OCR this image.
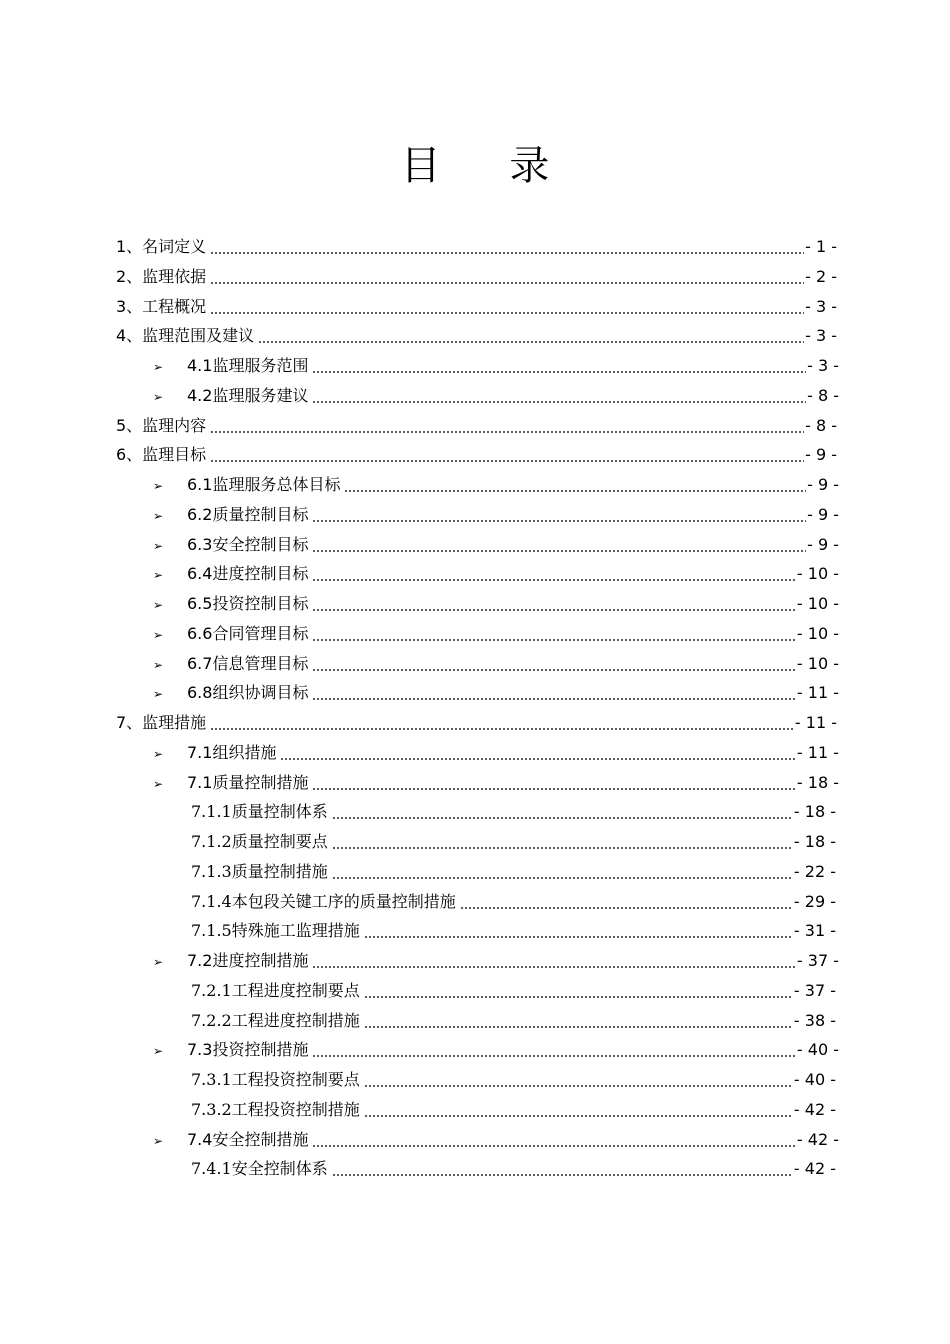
目 录
1、名词定义	- 1 -
2、监理依据	- 2 -
3、工程概况	- 3 -
4、监理范围及建议	- 3 -
➢ 4.1监理服务范围	- 3 -
➢ 4.2监理服务建议	- 8 -
5、监理内容	- 8 -
6、监理目标	- 9 -
➢ 6.1监理服务总体目标	- 9 -
➢ 6.2质量控制目标	- 9 -
➢ 6.3安全控制目标	- 9 -
➢ 6.4进度控制目标	- 10 -
➢ 6.5投资控制目标	- 10 -
➢ 6.6合同管理目标	- 10 -
➢ 6.7信息管理目标	- 10 -
➢ 6.8组织协调目标	- 11 -
7、监理措施	- 11 -
➢ 7.1组织措施	- 11 -
➢ 7.1质量控制措施	- 18 -
7.1.1质量控制体系	- 18 -
7.1.2质量控制要点	- 18 -
7.1.3质量控制措施	- 22 -
7.1.4本包段关键工序的质量控制措施	- 29 -
7.1.5特殊施工监理措施	- 31 -
➢ 7.2进度控制措施	- 37 -
7.2.1工程进度控制要点	- 37 -
7.2.2工程进度控制措施	- 38 -
➢ 7.3投资控制措施	- 40 -
7.3.1工程投资控制要点	- 40 -
7.3.2工程投资控制措施	- 42 -
➢ 7.4安全控制措施	- 42 -
7.4.1安全控制体系	- 42 -
